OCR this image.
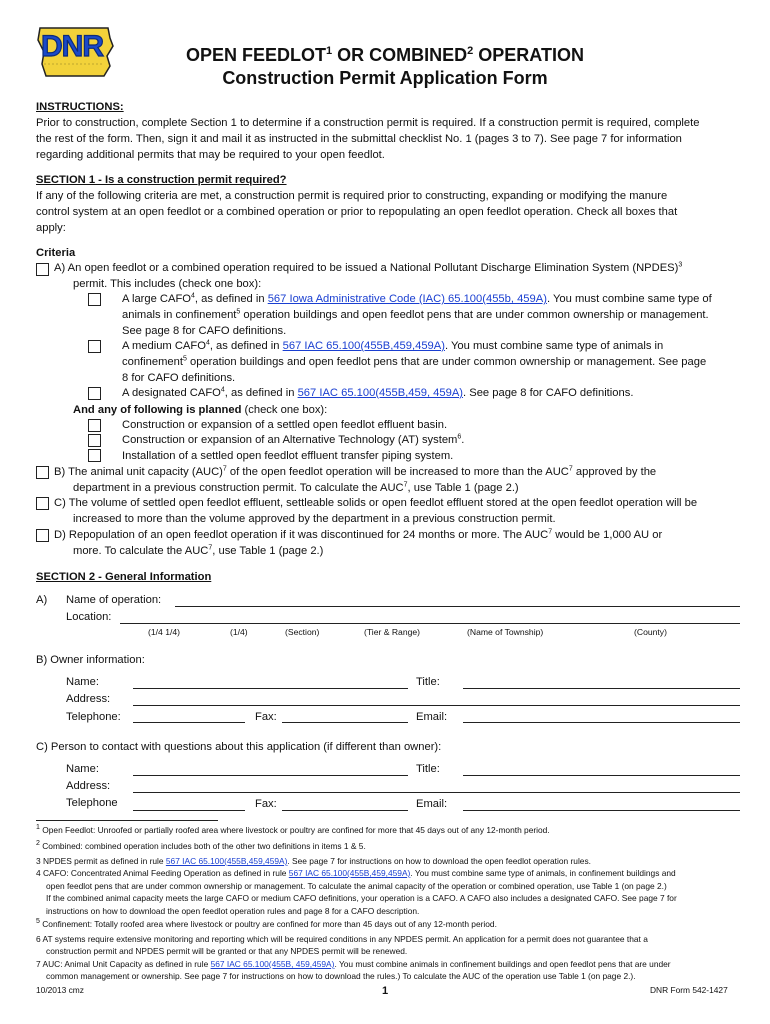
DNR	OPEN FEEDLOT$^1$ OR COMBINED$^2$ OPERATION
Construction Permit Application Form
INSTRUCTIONS:
Prior to construction, complete Section 1 to determine if a construction permit is required. If a construction permit is required, complete
the rest of the form. Then, sign it and mail it as instructed in the submittal checklist No. 1 (pages 3 to 7). See page 7 for information
regarding additional permits that may be required to your open feedlot.
SECTION 1 - Is a construction permit required?
If any of the following criteria are met, a construction permit is required prior to constructing, expanding or modifying the manure
control system at an open feedlot or a combined operation or prior to repopulating an open feedlot operation. Check all boxes that
apply:
Criteria
A) An open feedlot or a combined operation required to be issued a National Pollutant Discharge Elimination System (NPDES)$^3$
permit. This includes (check one box):
A large CAFO$^4$, as defined in 567 Iowa Administrative Code (IAC) 65.100(455b, 459A). You must combine same type of
animals in confinement$^5$ operation buildings and open feedlot pens that are under common ownership or management.
See page 8 for CAFO definitions.
A medium CAFO$^4$, as defined in 567 IAC 65.100(455B,459,459A). You must combine same type of animals in
confinement$^5$ operation buildings and open feedlot pens that are under common ownership or management. See page
8 for CAFO definitions.
A designated CAFO$^4$, as defined in 567 IAC 65.100(455B,459, 459A). See page 8 for CAFO definitions.
And any of following is planned (check one box):
Construction or expansion of a settled open feedlot effluent basin.
Construction or expansion of an Alternative Technology (AT) system$^6$.
Installation of a settled open feedlot effluent transfer piping system.
B) The animal unit capacity (AUC)$^7$ of the open feedlot operation will be increased to more than the AUC$^7$ approved by the
department in a previous construction permit. To calculate the AUC$^7$, use Table 1 (page 2.)
C) The volume of settled open feedlot effluent, settleable solids or open feedlot effluent stored at the open feedlot operation will be
increased to more than the volume approved by the department in a previous construction permit.
D) Repopulation of an open feedlot operation if it was discontinued for 24 months or more. The AUC$^7$ would be 1,000 AU or
more. To calculate the AUC$^7$, use Table 1 (page 2.)
SECTION 2 - General Information
A) Name of operation:
Location:
(1/4 1/4)	(1/4)	(Section)	(Tier & Range)	(Name of Township)	(County)
B) Owner information:
Name:	Title:
Address:
Telephone:	Fax:	Email:
C) Person to contact with questions about this application (if different than owner):
Name:	Title:
Address:
Telephone	Fax:	Email:
$^1$ Open Feedlot: Unroofed or partially roofed area where livestock or poultry are confined for more that 45 days out of any 12-month period.
$^2$ Combined: combined operation includes both of the other two definitions in items 1 & 5.
3 NPDES permit as defined in rule 567 IAC 65.100(455B,459,459A). See page 7 for instructions on how to download the open feedlot operation rules.
4 CAFO: Concentrated Animal Feeding Operation as defined in rule 567 IAC 65.100(455B,459,459A). You must combine same type of animals, in confinement buildings and
open feedlot pens that are under common ownership or management. To calculate the animal capacity of the operation or combined operation, use Table 1 (on page 2.)
If the combined animal capacity meets the large CAFO or medium CAFO definitions, your operation is a CAFO. A CAFO also includes a designated CAFO. See page 7 for
instructions on how to download the open feedlot operation rules and page 8 for a CAFO description.
$^5$ Confinement: Totally roofed area where livestock or poultry are confined for more than 45 days out of any 12-month period.
6 AT systems require extensive monitoring and reporting which will be required conditions in any NPDES permit. An application for a permit does not guarantee that a
construction permit and NPDES permit will be granted or that any NPDES permit will be renewed.
7 AUC: Animal Unit Capacity as defined in rule 567 IAC 65.100(455B, 459,459A). You must combine animals in confinement buildings and open feedlot pens that are under
common management or ownership. See page 7 for instructions on how to download the rules.) To calculate the AUC of the operation use Table 1 (on page 2.).
10/2013 cmz	1	DNR Form 542-1427
